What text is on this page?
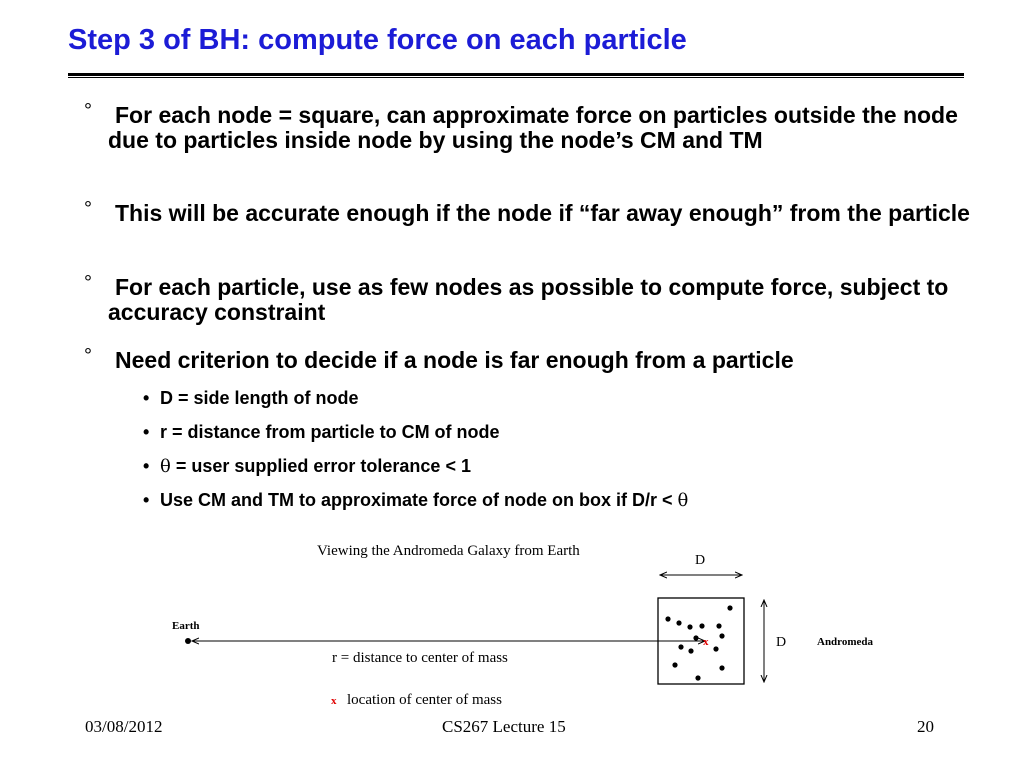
Step 3 of BH: compute force on each particle
°	For each node = square, can approximate force on particles outside the node due to particles inside node by using the node’s CM and TM
°	This will be accurate enough if the node if “far away enough” from the particle
°	For each particle, use as few nodes as possible to compute force, subject to accuracy constraint
°	Need criterion to decide if a node is far enough from a particle
• D = side length of node
• r = distance from particle to CM of node
• θ = user supplied error tolerance < 1
• Use CM and TM to approximate force of node on box if D/r < θ
Viewing the Andromeda Galaxy from Earth
Earth
r = distance to center of mass
D
D	Andromeda
x
x location of center of mass
03/08/2012	CS267 Lecture 15	20
